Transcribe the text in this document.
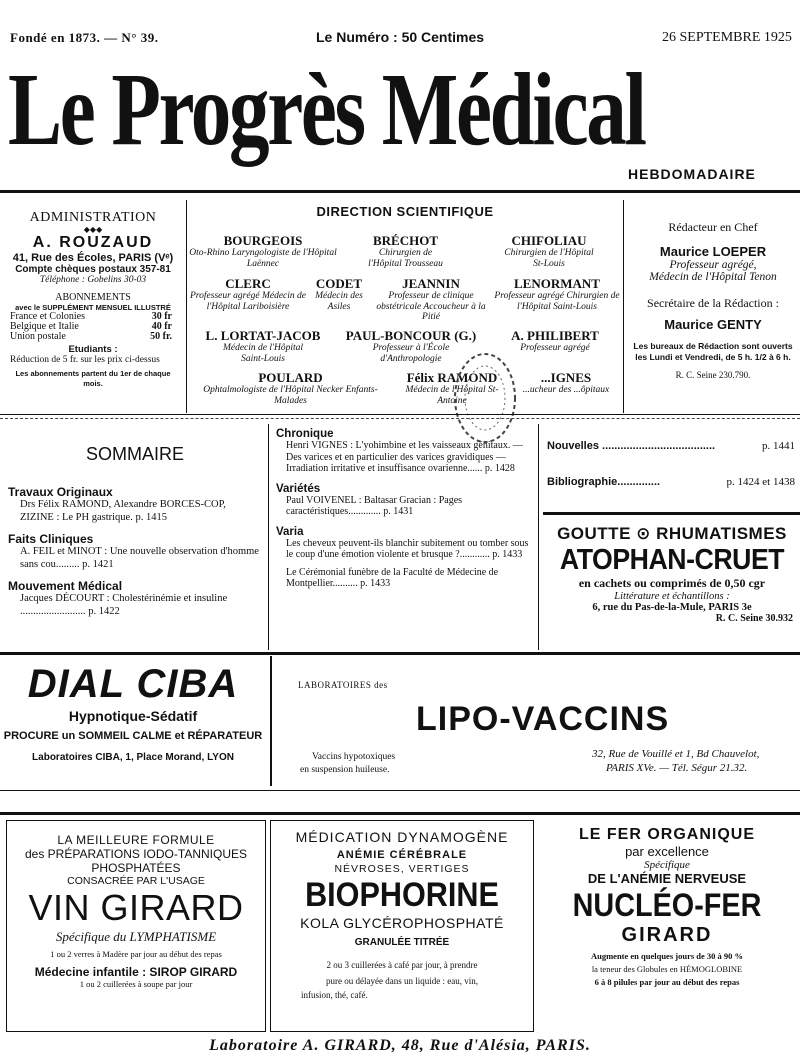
Fondé en 1873. — N° 39.	Le Numéro : 50 Centimes	26 SEPTEMBRE 1925
Le Progrès Médical
HEBDOMADAIRE
ADMINISTRATION
◆◆◆
A. ROUZAUD
41, Rue des Écoles, PARIS (Vᵉ)
Compte chèques postaux 357-81
Téléphone : Gobelins 30-03
ABONNEMENTS
avec le SUPPLÉMENT MENSUEL ILLUSTRÉ
France et Colonies	30 fr
Belgique et Italie	40 fr
Union postale	50 fr.
Etudiants :
Réduction de 5 fr. sur les prix ci-dessus
Les abonnements partent du 1er de chaque mois.
DIRECTION SCIENTIFIQUE
BOURGEOIS
Oto-Rhino Laryngologiste de l'Hôpital Laënnec
BRÉCHOT
Chirurgien de l'Hôpital Trousseau
CHIFOLIAU
Chirurgien de l'Hôpital St-Louis
CLERC
Professeur agrégé Médecin de l'Hôpital Lariboisière
CODET
Médecin des Asiles
JEANNIN
Professeur de clinique obstétricale Accoucheur à la Pitié
LENORMANT
Professeur agrégé Chirurgien de l'Hôpital Saint-Louis
L. LORTAT-JACOB
Médecin de l'Hôpital Saint-Louis
PAUL-BONCOUR (G.)
Professeur à l'École d'Anthropologie
A. PHILIBERT
Professeur agrégé
POULARD
Ophtalmologiste de l'Hôpital Necker Enfants-Malades
Félix RAMOND
Médecin de l'Hôpital St-Antoine
...IGNES
...ucheur des ...ôpitaux
Rédacteur en Chef
Maurice LOEPER
Professeur agrégé,
Médecin de l'Hôpital Tenon
Secrétaire de la Rédaction :
Maurice GENTY
Les bureaux de Rédaction sont ouverts les Lundi et Vendredi, de 5 h. 1/2 à 6 h.
R. C. Seine 230.790.
SOMMAIRE
Travaux Originaux
Drs Félix RAMOND, Alexandre BORCES-COP, ZIZINE : Le PH gastrique. p. 1415
Faits Cliniques
A. FEIL et MINOT : Une nouvelle observation d'homme sans cou......... p. 1421
Mouvement Médical
Jacques DÉCOURT : Cholestérinémie et insuline ......................... p. 1422
Chronique
Henri VIGNES : L'yohimbine et les vaisseaux génitaux. — Des varices et en particulier des varices gravidiques — Irradiation irritative et insuffisance ovarienne...... p. 1428
Variétés
Paul VOIVENEL : Baltasar Gracian : Pages caractéristiques............. p. 1431
Varia
Les cheveux peuvent-ils blanchir subitement ou tomber sous le coup d'une émotion violente et brusque ?............ p. 1433
Le Cérémonial funèbre de la Faculté de Médecine de Montpellier.......... p. 1433
Nouvelles .....................................	p. 1441
Bibliographie..............	p. 1424 et 1438
GOUTTE ⊙ RHUMATISMES
ATOPHAN-CRUET
en cachets ou comprimés de 0,50 cgr
Littérature et échantillons :
6, rue du Pas-de-la-Mule, PARIS 3e
R. C. Seine 30.932
DIAL CIBA
Hypnotique-Sédatif
PROCURE un SOMMEIL CALME et RÉPARATEUR
Laboratoires CIBA, 1, Place Morand, LYON
LABORATOIRES des
LIPO-VACCINS
Vaccins hypotoxiques
en suspension huileuse.
32, Rue de Vouillé et 1, Bd Chauvelot,
PARIS XVe. — Tél. Ségur 21.32.
LA MEILLEURE FORMULE
des PRÉPARATIONS IODO-TANNIQUES
PHOSPHATÉES
CONSACRÉE PAR L'USAGE
VIN GIRARD
Spécifique du LYMPHATISME
1 ou 2 verres à Madère par jour au début des repas
Médecine infantile : SIROP GIRARD
1 ou 2 cuillerées à soupe par jour
MÉDICATION DYNAMOGÈNE
ANÉMIE CÉRÉBRALE
NÉVROSES, VERTIGES
BIOPHORINE
KOLA GLYCÉROPHOSPHATÉ
GRANULÉE TITRÉE
2 ou 3 cuillerées à café par jour, à prendre
pure ou délayée dans un liquide : eau, vin,
infusion, thé, café.
LE FER ORGANIQUE
par excellence
Spécifique
DE L'ANÉMIE NERVEUSE
NUCLÉO-FER
GIRARD
Augmente en quelques jours de 30 à 90 %
la teneur des Globules en HÉMOGLOBINE
6 à 8 pilules par jour au début des repas
Laboratoire A. GIRARD, 48, Rue d'Alésia, PARIS.
